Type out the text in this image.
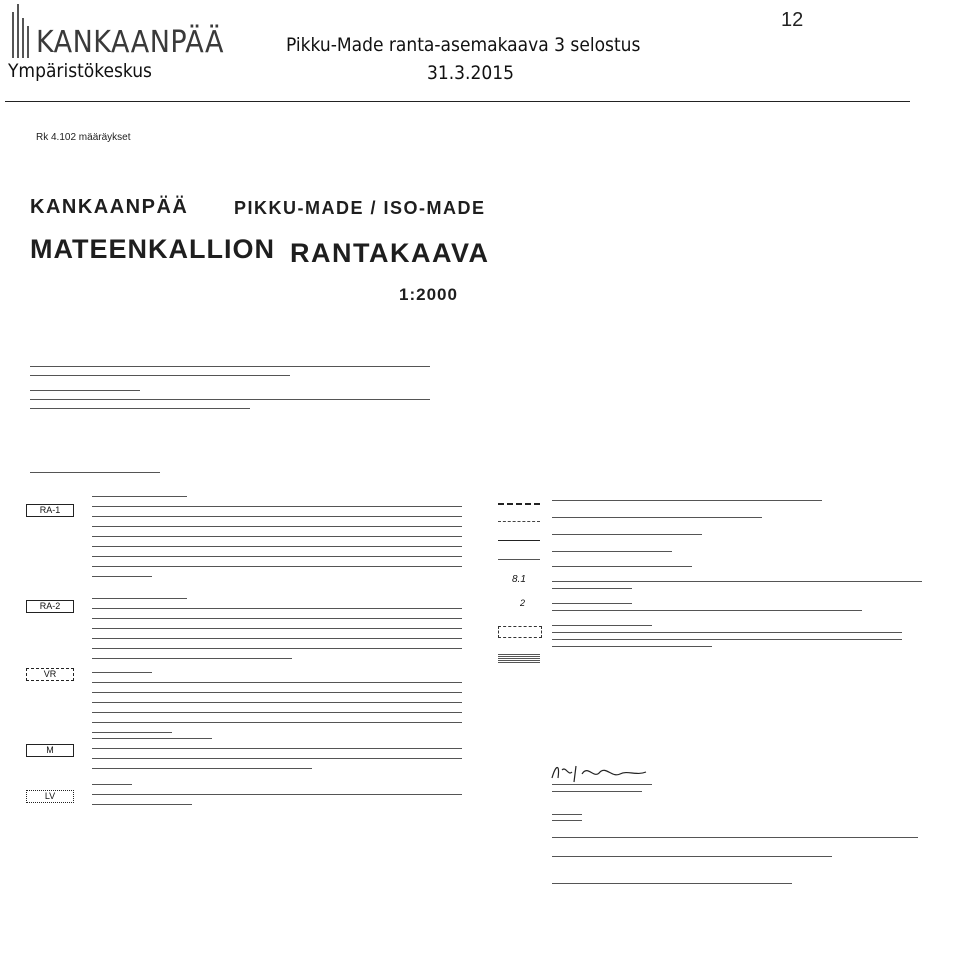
KANKAANPÄÄ
Ympäristökeskus
Pikku-Made ranta-asemakaava 3 selostus
31.3.2015
12
Rk 4.102 määräykset
KANKAANPÄÄ	PIKKU-MADE / ISO-MADE
MATEENKALLION RANTAKAAVA
1:2000
RA-1
RA-2
VR
M
LV
8.1
2
